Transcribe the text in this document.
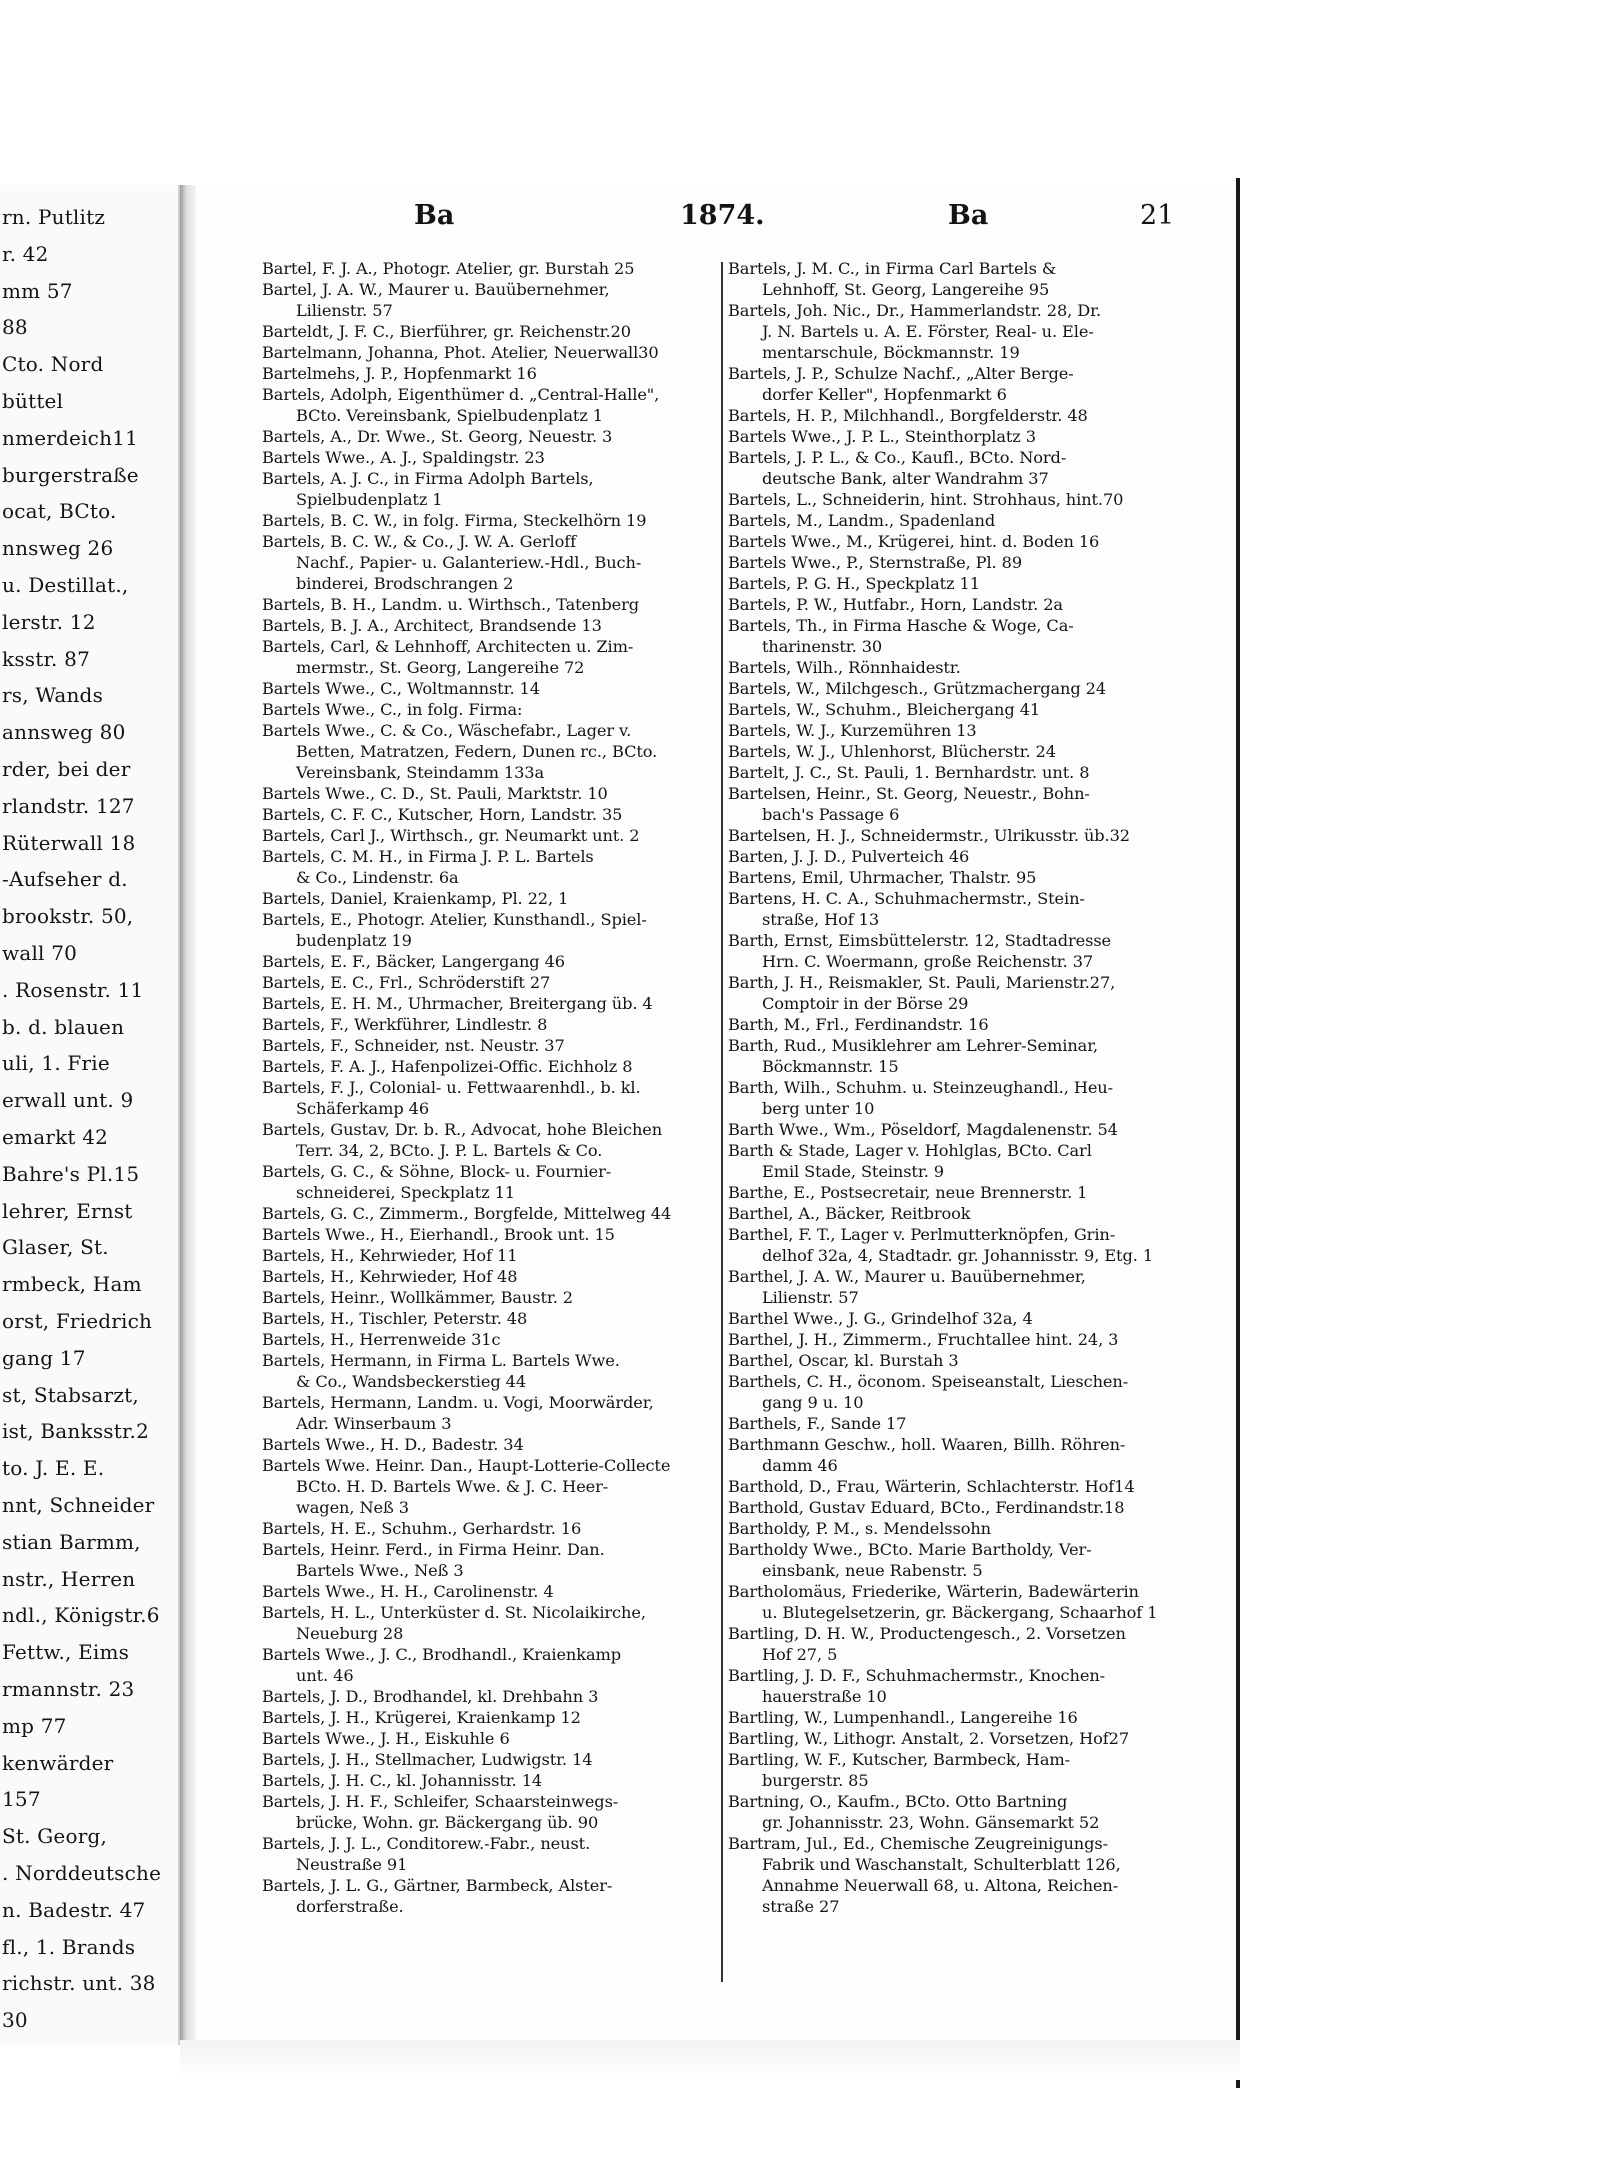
rn. Putlitz
r. 42
mm 57
88
Cto. Nord
büttel
nmerdeich11
burgerstraße
ocat, BCto.
nnsweg 26
u. Destillat.,
lerstr. 12
ksstr. 87
rs, Wands
annsweg 80
rder, bei der
rlandstr. 127
Rüterwall 18
-Aufseher d.
brookstr. 50,
wall 70
. Rosenstr. 11
b. d. blauen
uli, 1. Frie
erwall unt. 9
emarkt 42
Bahre's Pl.15
lehrer, Ernst
Glaser, St.
rmbeck, Ham
orst, Friedrich
gang 17
st, Stabsarzt,
ist, Banksstr.2
to. J. E. E.
nnt, Schneider
stian Barmm,
nstr., Herren
ndl., Königstr.6
Fettw., Eims
rmannstr. 23
mp 77
kenwärder
157
St. Georg,
. Norddeutsche
n. Badestr. 47
fl., 1. Brands
richstr. unt. 38
30
Ba	1874.	Ba	21
Bartel, F. J. A., Photogr. Atelier, gr. Burstah 25
Bartel, J. A. W., Maurer u. Bauübernehmer,
Lilienstr. 57
Barteldt, J. F. C., Bierführer, gr. Reichenstr.20
Bartelmann, Johanna, Phot. Atelier, Neuerwall30
Bartelmehs, J. P., Hopfenmarkt 16
Bartels, Adolph, Eigenthümer d. „Central-Halle",
BCto. Vereinsbank, Spielbudenplatz 1
Bartels, A., Dr. Wwe., St. Georg, Neuestr. 3
Bartels Wwe., A. J., Spaldingstr. 23
Bartels, A. J. C., in Firma Adolph Bartels,
Spielbudenplatz 1
Bartels, B. C. W., in folg. Firma, Steckelhörn 19
Bartels, B. C. W., & Co., J. W. A. Gerloff
Nachf., Papier- u. Galanteriew.-Hdl., Buch-
binderei, Brodschrangen 2
Bartels, B. H., Landm. u. Wirthsch., Tatenberg
Bartels, B. J. A., Architect, Brandsende 13
Bartels, Carl, & Lehnhoff, Architecten u. Zim-
mermstr., St. Georg, Langereihe 72
Bartels Wwe., C., Woltmannstr. 14
Bartels Wwe., C., in folg. Firma:
Bartels Wwe., C. & Co., Wäschefabr., Lager v.
Betten, Matratzen, Federn, Dunen rc., BCto.
Vereinsbank, Steindamm 133a
Bartels Wwe., C. D., St. Pauli, Marktstr. 10
Bartels, C. F. C., Kutscher, Horn, Landstr. 35
Bartels, Carl J., Wirthsch., gr. Neumarkt unt. 2
Bartels, C. M. H., in Firma J. P. L. Bartels
& Co., Lindenstr. 6a
Bartels, Daniel, Kraienkamp, Pl. 22, 1
Bartels, E., Photogr. Atelier, Kunsthandl., Spiel-
budenplatz 19
Bartels, E. F., Bäcker, Langergang 46
Bartels, E. C., Frl., Schröderstift 27
Bartels, E. H. M., Uhrmacher, Breitergang üb. 4
Bartels, F., Werkführer, Lindlestr. 8
Bartels, F., Schneider, nst. Neustr. 37
Bartels, F. A. J., Hafenpolizei-Offic. Eichholz 8
Bartels, F. J., Colonial- u. Fettwaarenhdl., b. kl.
Schäferkamp 46
Bartels, Gustav, Dr. b. R., Advocat, hohe Bleichen
Terr. 34, 2, BCto. J. P. L. Bartels & Co.
Bartels, G. C., & Söhne, Block- u. Fournier-
schneiderei, Speckplatz 11
Bartels, G. C., Zimmerm., Borgfelde, Mittelweg 44
Bartels Wwe., H., Eierhandl., Brook unt. 15
Bartels, H., Kehrwieder, Hof 11
Bartels, H., Kehrwieder, Hof 48
Bartels, Heinr., Wollkämmer, Baustr. 2
Bartels, H., Tischler, Peterstr. 48
Bartels, H., Herrenweide 31c
Bartels, Hermann, in Firma L. Bartels Wwe.
& Co., Wandsbeckerstieg 44
Bartels, Hermann, Landm. u. Vogi, Moorwärder,
Adr. Winserbaum 3
Bartels Wwe., H. D., Badestr. 34
Bartels Wwe. Heinr. Dan., Haupt-Lotterie-Collecte
BCto. H. D. Bartels Wwe. & J. C. Heer-
wagen, Neß 3
Bartels, H. E., Schuhm., Gerhardstr. 16
Bartels, Heinr. Ferd., in Firma Heinr. Dan.
Bartels Wwe., Neß 3
Bartels Wwe., H. H., Carolinenstr. 4
Bartels, H. L., Unterküster d. St. Nicolaikirche,
Neueburg 28
Bartels Wwe., J. C., Brodhandl., Kraienkamp
unt. 46
Bartels, J. D., Brodhandel, kl. Drehbahn 3
Bartels, J. H., Krügerei, Kraienkamp 12
Bartels Wwe., J. H., Eiskuhle 6
Bartels, J. H., Stellmacher, Ludwigstr. 14
Bartels, J. H. C., kl. Johannisstr. 14
Bartels, J. H. F., Schleifer, Schaarsteinwegs-
brücke, Wohn. gr. Bäckergang üb. 90
Bartels, J. J. L., Conditorew.-Fabr., neust.
Neustraße 91
Bartels, J. L. G., Gärtner, Barmbeck, Alster-
dorferstraße.
Bartels, J. M. C., in Firma Carl Bartels &
Lehnhoff, St. Georg, Langereihe 95
Bartels, Joh. Nic., Dr., Hammerlandstr. 28, Dr.
J. N. Bartels u. A. E. Förster, Real- u. Ele-
mentarschule, Böckmannstr. 19
Bartels, J. P., Schulze Nachf., „Alter Berge-
dorfer Keller", Hopfenmarkt 6
Bartels, H. P., Milchhandl., Borgfelderstr. 48
Bartels Wwe., J. P. L., Steinthorplatz 3
Bartels, J. P. L., & Co., Kaufl., BCto. Nord-
deutsche Bank, alter Wandrahm 37
Bartels, L., Schneiderin, hint. Strohhaus, hint.70
Bartels, M., Landm., Spadenland
Bartels Wwe., M., Krügerei, hint. d. Boden 16
Bartels Wwe., P., Sternstraße, Pl. 89
Bartels, P. G. H., Speckplatz 11
Bartels, P. W., Hutfabr., Horn, Landstr. 2a
Bartels, Th., in Firma Hasche & Woge, Ca-
tharinenstr. 30
Bartels, Wilh., Rönnhaidestr.
Bartels, W., Milchgesch., Grützmachergang 24
Bartels, W., Schuhm., Bleichergang 41
Bartels, W. J., Kurzemühren 13
Bartels, W. J., Uhlenhorst, Blücherstr. 24
Bartelt, J. C., St. Pauli, 1. Bernhardstr. unt. 8
Bartelsen, Heinr., St. Georg, Neuestr., Bohn-
bach's Passage 6
Bartelsen, H. J., Schneidermstr., Ulrikusstr. üb.32
Barten, J. J. D., Pulverteich 46
Bartens, Emil, Uhrmacher, Thalstr. 95
Bartens, H. C. A., Schuhmachermstr., Stein-
straße, Hof 13
Barth, Ernst, Eimsbüttelerstr. 12, Stadtadresse
Hrn. C. Woermann, große Reichenstr. 37
Barth, J. H., Reismakler, St. Pauli, Marienstr.27,
Comptoir in der Börse 29
Barth, M., Frl., Ferdinandstr. 16
Barth, Rud., Musiklehrer am Lehrer-Seminar,
Böckmannstr. 15
Barth, Wilh., Schuhm. u. Steinzeughandl., Heu-
berg unter 10
Barth Wwe., Wm., Pöseldorf, Magdalenenstr. 54
Barth & Stade, Lager v. Hohlglas, BCto. Carl
Emil Stade, Steinstr. 9
Barthe, E., Postsecretair, neue Brennerstr. 1
Barthel, A., Bäcker, Reitbrook
Barthel, F. T., Lager v. Perlmutterknöpfen, Grin-
delhof 32a, 4, Stadtadr. gr. Johannisstr. 9, Etg. 1
Barthel, J. A. W., Maurer u. Bauübernehmer,
Lilienstr. 57
Barthel Wwe., J. G., Grindelhof 32a, 4
Barthel, J. H., Zimmerm., Fruchtallee hint. 24, 3
Barthel, Oscar, kl. Burstah 3
Barthels, C. H., öconom. Speiseanstalt, Lieschen-
gang 9 u. 10
Barthels, F., Sande 17
Barthmann Geschw., holl. Waaren, Billh. Röhren-
damm 46
Barthold, D., Frau, Wärterin, Schlachterstr. Hof14
Barthold, Gustav Eduard, BCto., Ferdinandstr.18
Bartholdy, P. M., s. Mendelssohn
Bartholdy Wwe., BCto. Marie Bartholdy, Ver-
einsbank, neue Rabenstr. 5
Bartholomäus, Friederike, Wärterin, Badewärterin
u. Blutegelsetzerin, gr. Bäckergang, Schaarhof 1
Bartling, D. H. W., Productengesch., 2. Vorsetzen
Hof 27, 5
Bartling, J. D. F., Schuhmachermstr., Knochen-
hauerstraße 10
Bartling, W., Lumpenhandl., Langereihe 16
Bartling, W., Lithogr. Anstalt, 2. Vorsetzen, Hof27
Bartling, W. F., Kutscher, Barmbeck, Ham-
burgerstr. 85
Bartning, O., Kaufm., BCto. Otto Bartning
gr. Johannisstr. 23, Wohn. Gänsemarkt 52
Bartram, Jul., Ed., Chemische Zeugreinigungs-
Fabrik und Waschanstalt, Schulterblatt 126,
Annahme Neuerwall 68, u. Altona, Reichen-
straße 27
